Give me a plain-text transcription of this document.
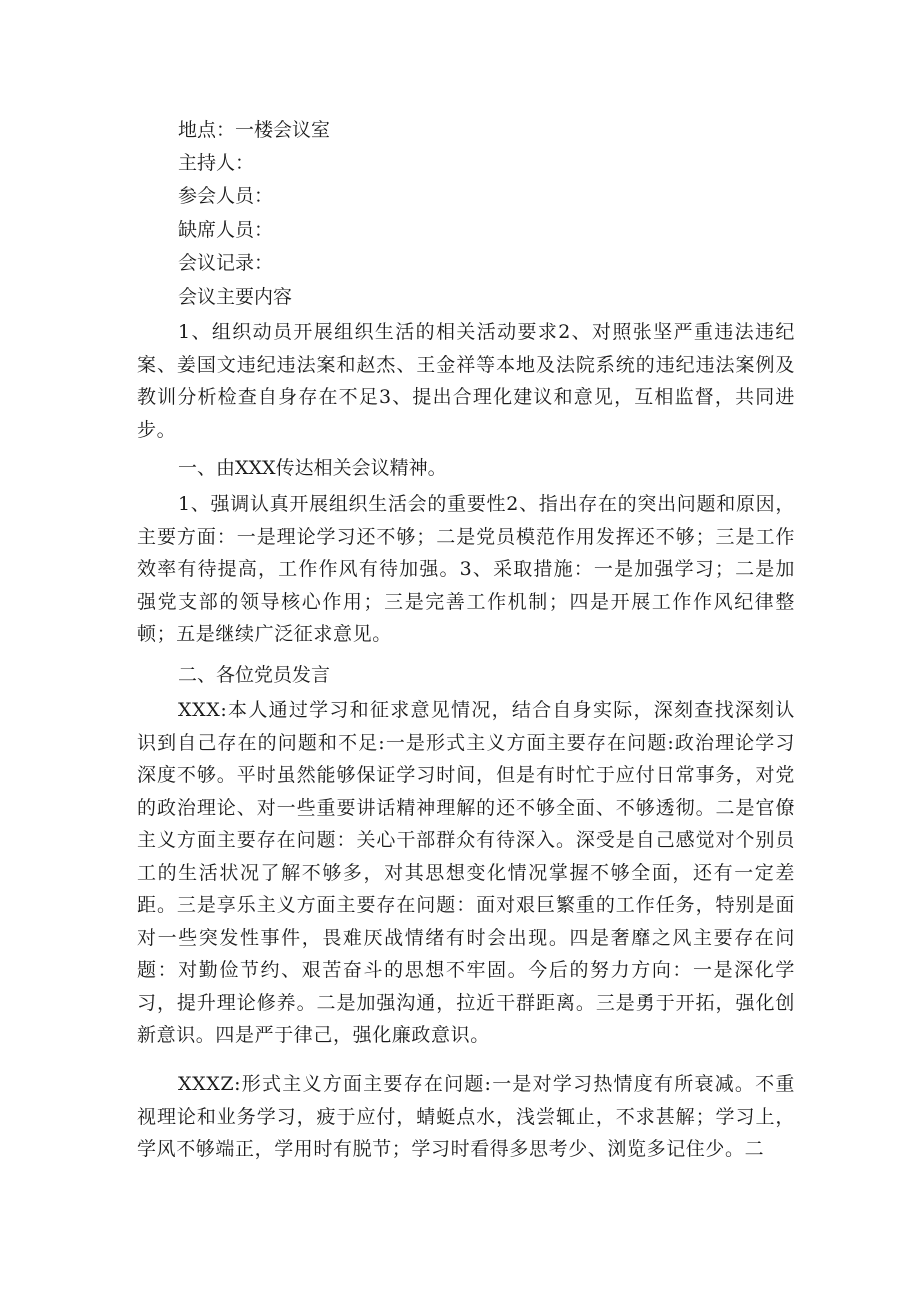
地点：一楼会议室
主持人：
参会人员：
缺席人员：
会议记录：
会议主要内容

1、组织动员开展组织生活的相关活动要求2、对照张坚严重违法违纪案、姜国文违纪违法案和赵杰、王金祥等本地及法院系统的违纪违法案例及教训分析检查自身存在不足3、提出合理化建议和意见，互相监督，共同进步。

一、由XXX传达相关会议精神。

1、强调认真开展组织生活会的重要性2、指出存在的突出问题和原因，主要方面：一是理论学习还不够；二是党员模范作用发挥还不够；三是工作效率有待提高，工作作风有待加强。3、采取措施：一是加强学习；二是加强党支部的领导核心作用；三是完善工作机制；四是开展工作作风纪律整顿；五是继续广泛征求意见。

二、各位党员发言

XXX:本人通过学习和征求意见情况，结合自身实际，深刻查找深刻认识到自己存在的问题和不足:一是形式主义方面主要存在问题:政治理论学习深度不够。平时虽然能够保证学习时间，但是有时忙于应付日常事务，对党的政治理论、对一些重要讲话精神理解的还不够全面、不够透彻。二是官僚主义方面主要存在问题：关心干部群众有待深入。深受是自己感觉对个别员工的生活状况了解不够多，对其思想变化情况掌握不够全面，还有一定差距。三是享乐主义方面主要存在问题：面对艰巨繁重的工作任务，特别是面对一些突发性事件，畏难厌战情绪有时会出现。四是奢靡之风主要存在问题：对勤俭节约、艰苦奋斗的思想不牢固。今后的努力方向：一是深化学习，提升理论修养。二是加强沟通，拉近干群距离。三是勇于开拓，强化创新意识。四是严于律己，强化廉政意识。

XXXZ:形式主义方面主要存在问题:一是对学习热情度有所衰减。不重视理论和业务学习，疲于应付，蜻蜓点水，浅尝辄止，不求甚解；学习上，学风不够端正，学用时有脱节；学习时看得多思考少、浏览多记住少。二
